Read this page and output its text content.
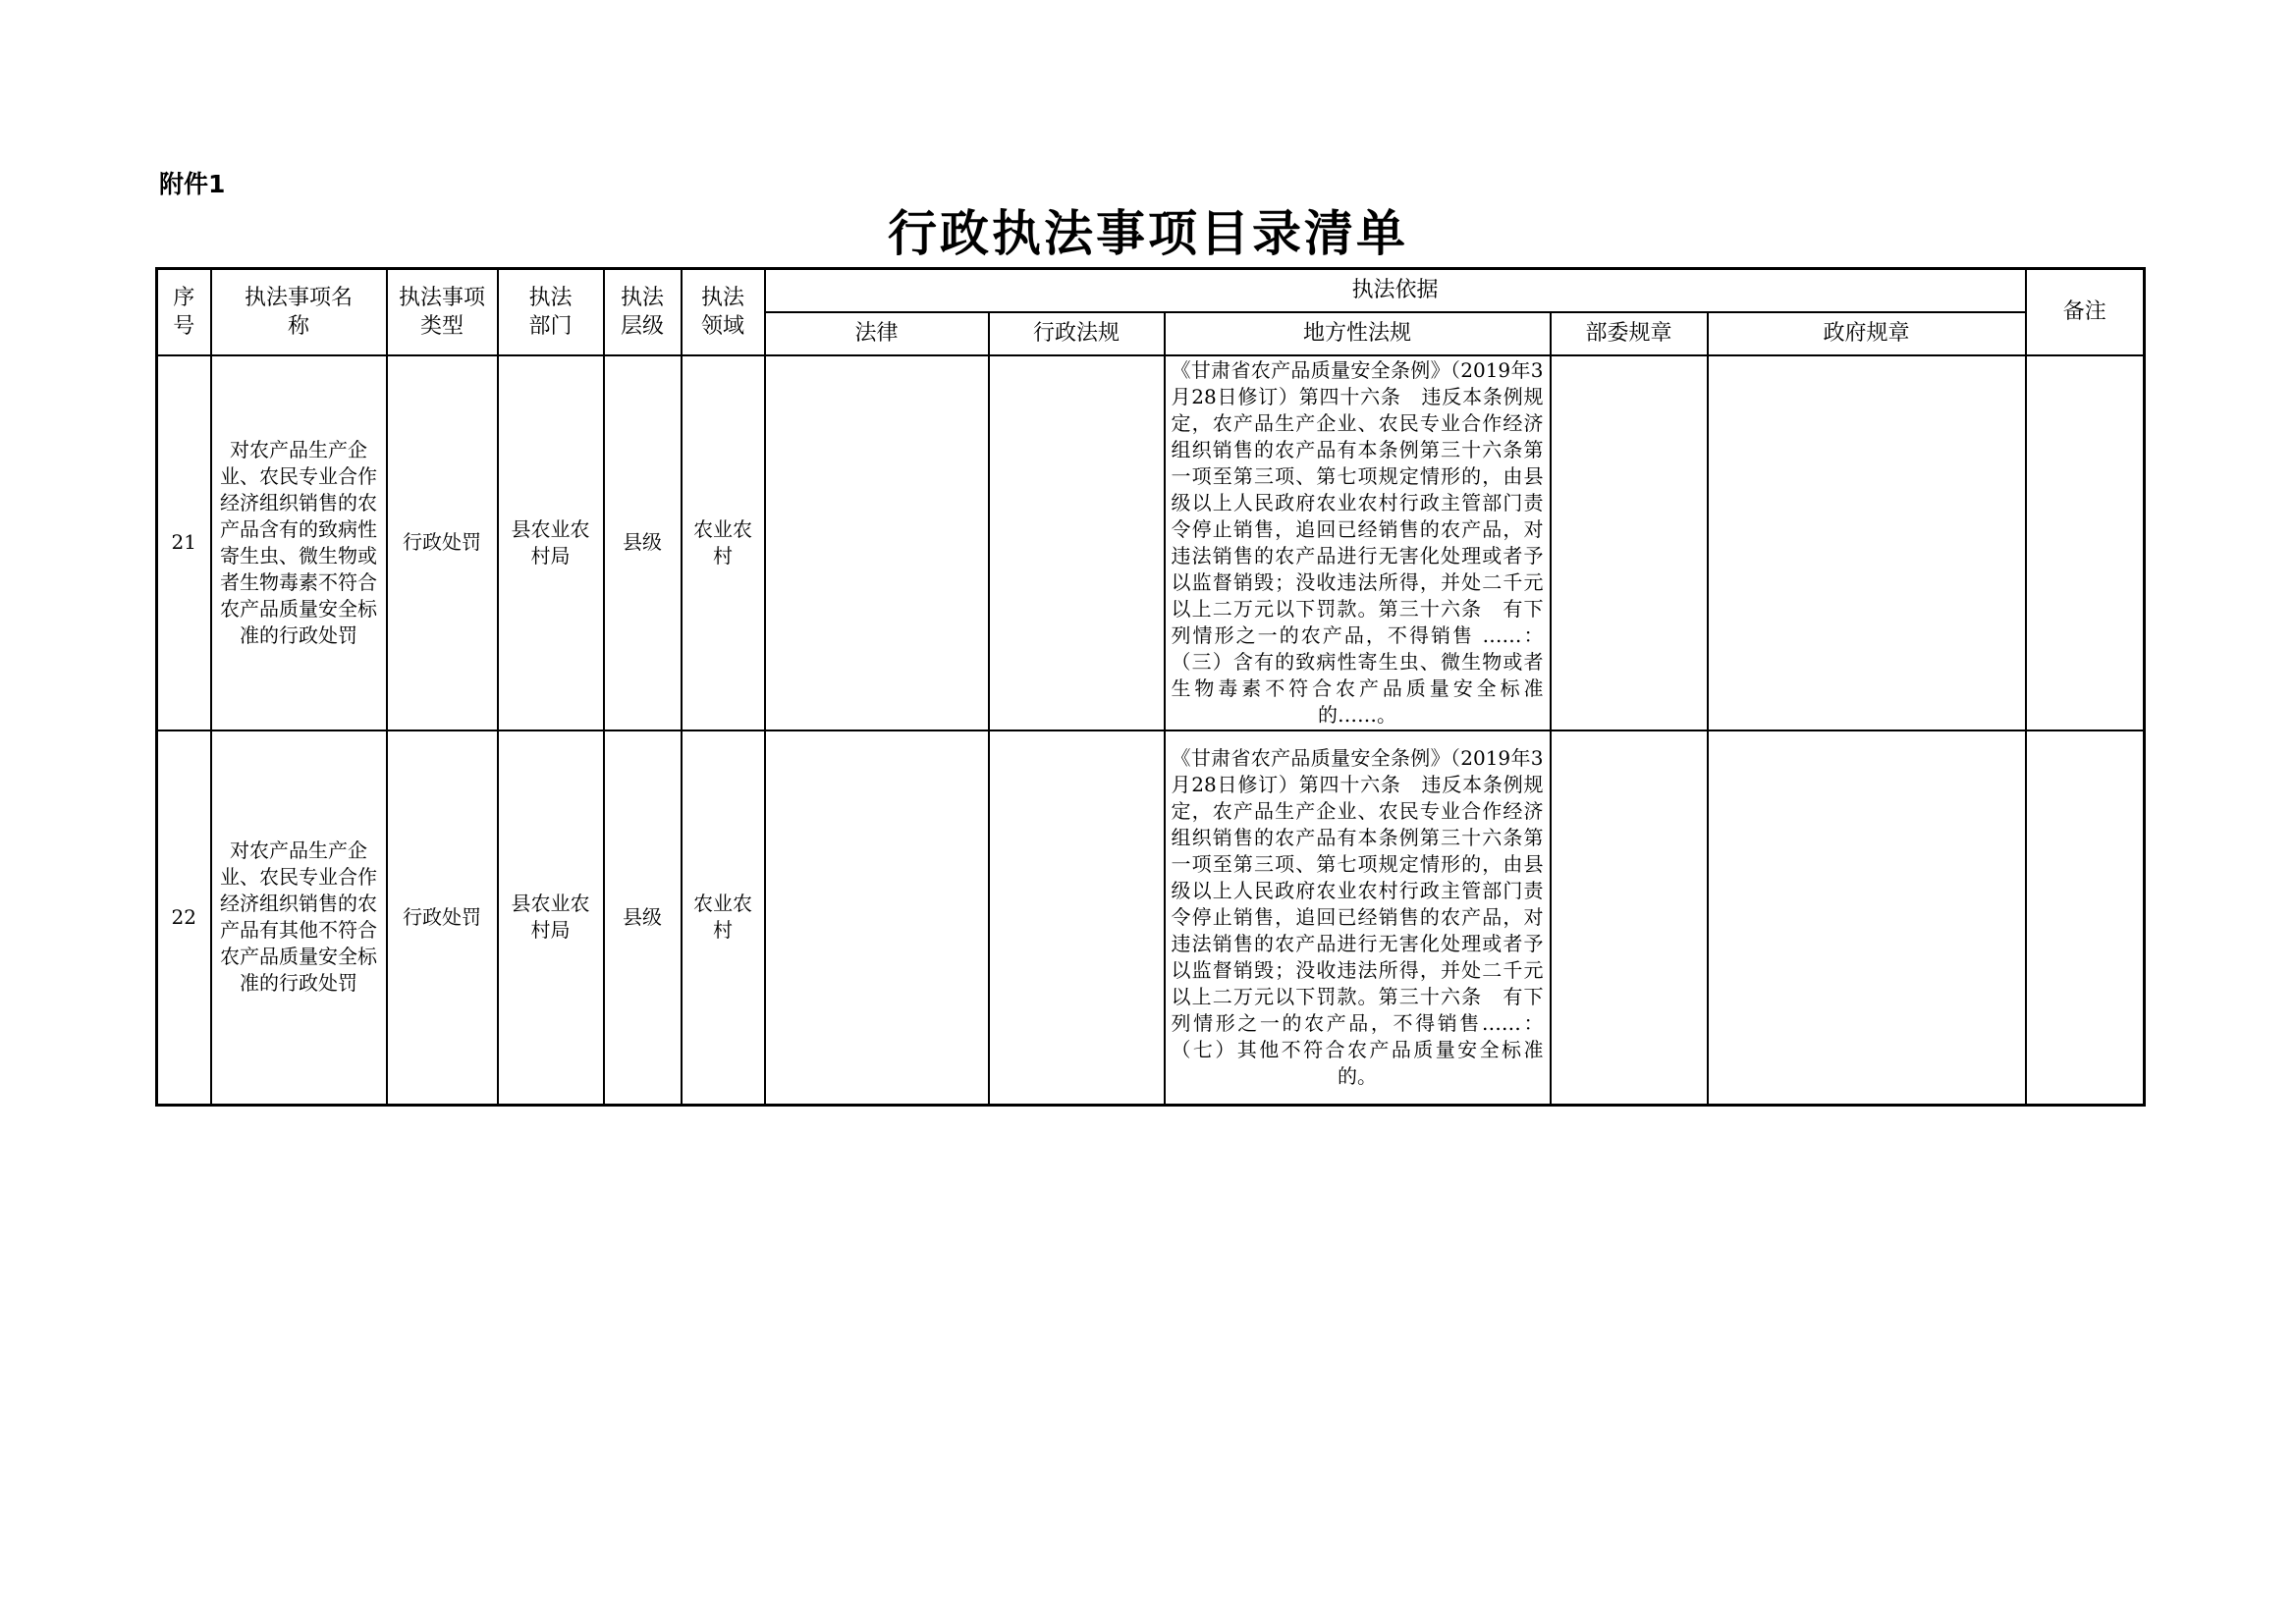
附件1
行政执法事项目录清单
序号	执法事项名称	执法事项类型	执法部门	执法层级	执法领域	执法依据					备注
						法律	行政法规	地方性法规	部委规章	政府规章	
21	对农产品生产企业、农民专业合作经济组织销售的农产品含有的致病性寄生虫、微生物或者生物毒素不符合农产品质量安全标准的行政处罚	行政处罚	县农业农村局	县级	农业农村			《甘肃省农产品质量安全条例》（2019年3月28日修订）第四十六条　违反本条例规定，农产品生产企业、农民专业合作经济组织销售的农产品有本条例第三十六条第一项至第三项、第七项规定情形的，由县级以上人民政府农业农村行政主管部门责令停止销售，追回已经销售的农产品，对违法销售的农产品进行无害化处理或者予以监督销毁；没收违法所得，并处二千元以上二万元以下罚款。第三十六条　有下列情形之一的农产品，不得销售 ……：（三）含有的致病性寄生虫、微生物或者生物毒素不符合农产品质量安全标准的……。			

22	对农产品生产企业、农民专业合作经济组织销售的农产品有其他不符合农产品质量安全标准的行政处罚	行政处罚	县农业农村局	县级	农业农村			《甘肃省农产品质量安全条例》（2019年3月28日修订）第四十六条　违反本条例规定，农产品生产企业、农民专业合作经济组织销售的农产品有本条例第三十六条第一项至第三项、第七项规定情形的，由县级以上人民政府农业农村行政主管部门责令停止销售，追回已经销售的农产品，对违法销售的农产品进行无害化处理或者予以监督销毁；没收违法所得，并处二千元以上二万元以下罚款。第三十六条　有下列情形之一的农产品，不得销售……：（七）其他不符合农产品质量安全标准的。			
